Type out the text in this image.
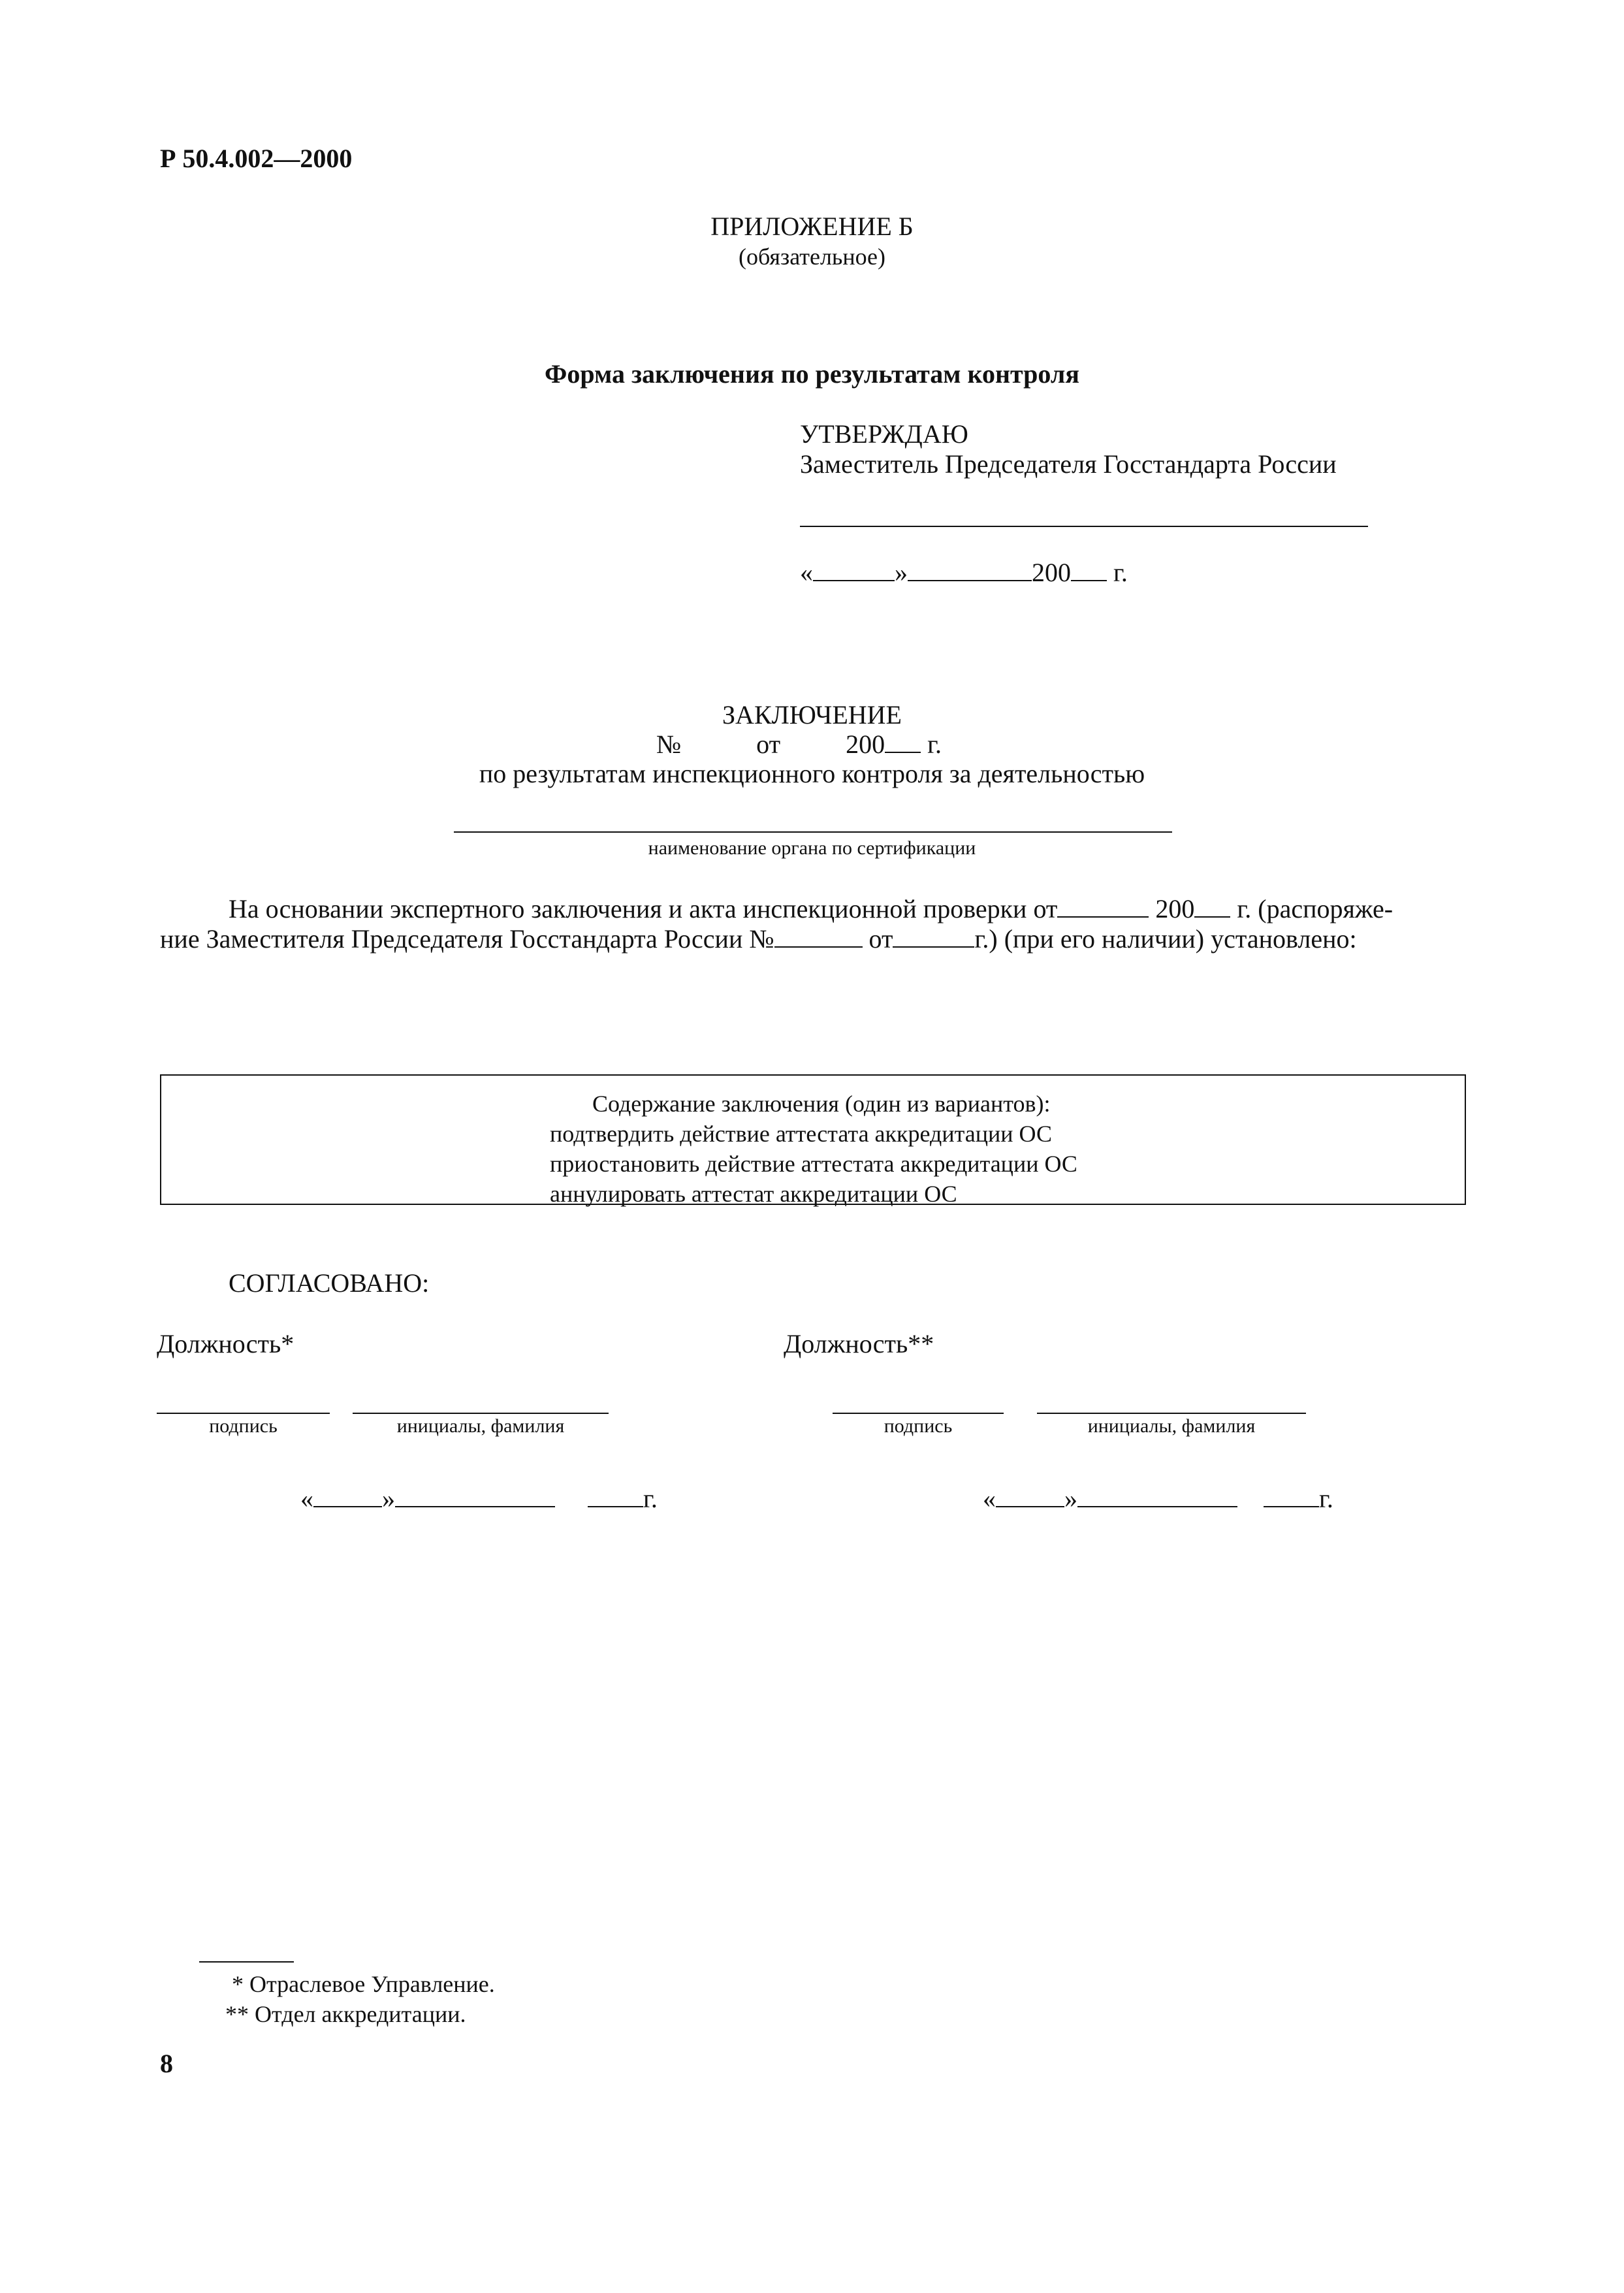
Р 50.4.002—2000
ПРИЛОЖЕНИЕ Б
(обязательное)
Форма заключения по результатам контроля
УТВЕРЖДАЮ
Заместитель Председателя Госстандарта России
«	»	200 г.
ЗАКЛЮЧЕНИЕ
№	от	200 г.
по результатам инспекционного контроля за деятельностью
наименование органа по сертификации
На основании экспертного заключения и акта инспекционной проверки от	200 г. (распоряже-
ние Заместителя Председателя Госстандарта России №	от	г.) (при его наличии) установлено:
Содержание заключения (один из вариантов):
подтвердить действие аттестата аккредитации ОС
приостановить действие аттестата аккредитации ОС
аннулировать аттестат аккредитации ОС
СОГЛАСОВАНО:
Должность*	Должность**
подпись	инициалы, фамилия	подпись	инициалы, фамилия
«	»	г.	«	»	г.
* Отраслевое Управление.
** Отдел аккредитации.
8
